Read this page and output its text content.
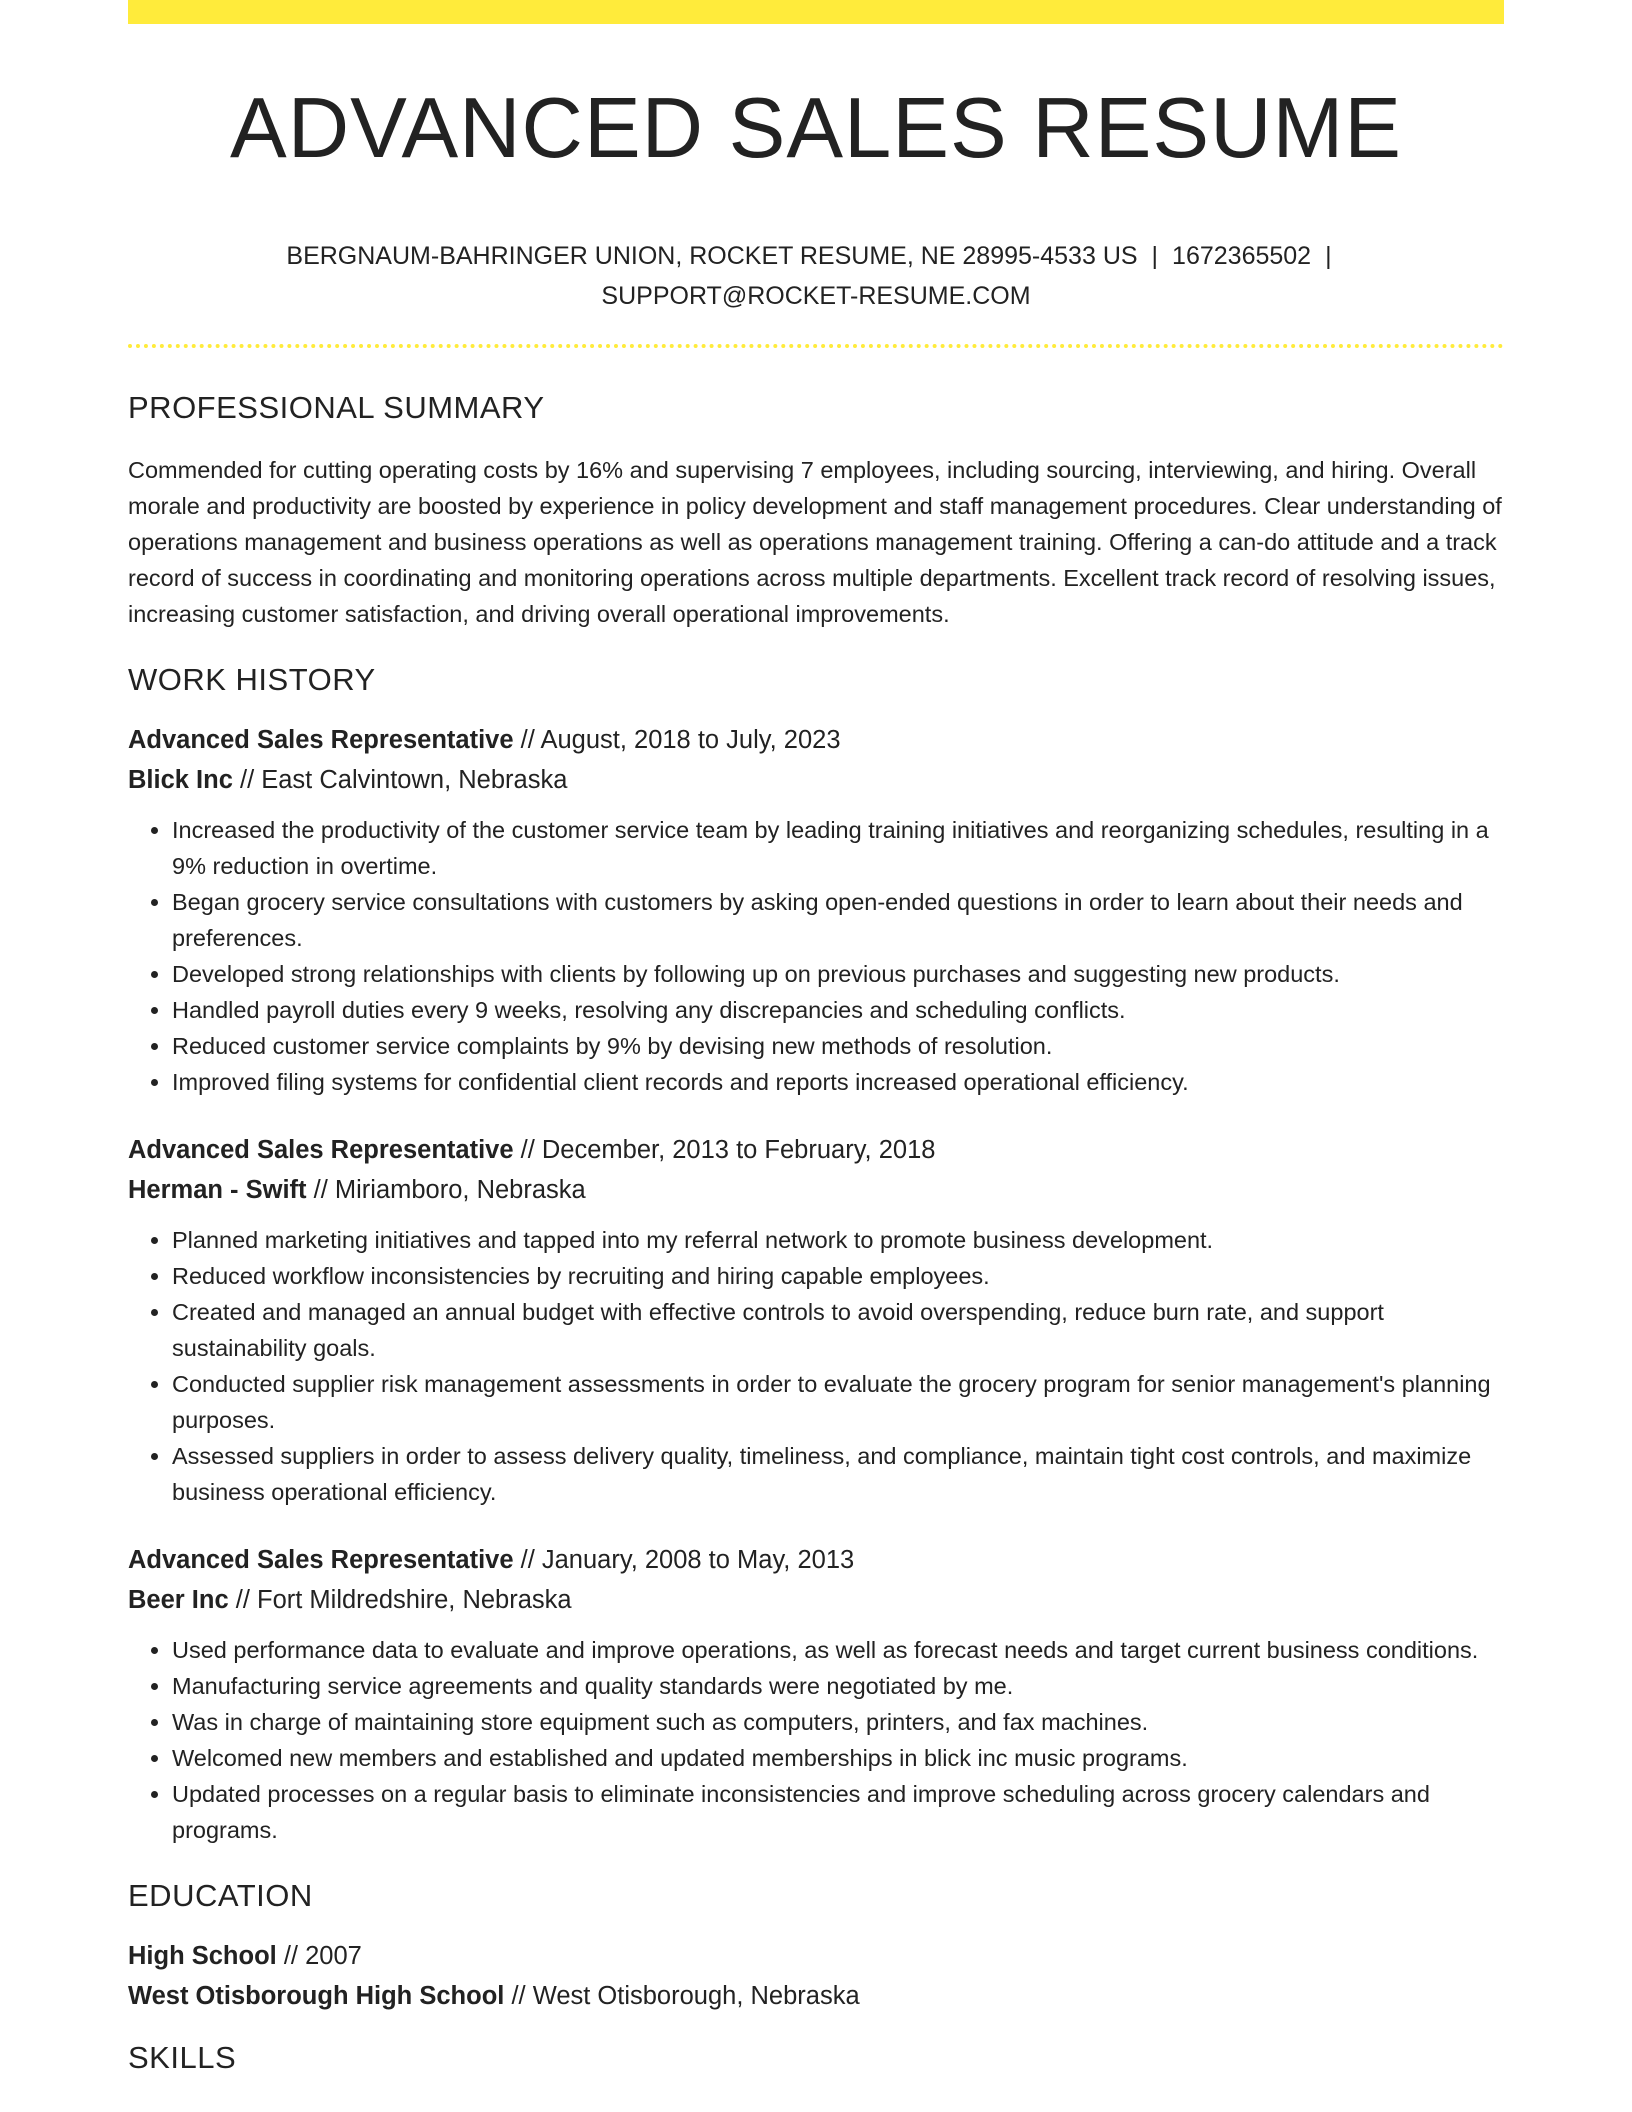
ADVANCED SALES RESUME
BERGNAUM-BAHRINGER UNION, ROCKET RESUME, NE 28995-4533 US | 1672365502 |
SUPPORT@ROCKET-RESUME.COM
PROFESSIONAL SUMMARY

Commended for cutting operating costs by 16% and supervising 7 employees, including sourcing, interviewing, and hiring. Overall morale and productivity are boosted by experience in policy development and staff management procedures. Clear understanding of operations management and business operations as well as operations management training. Offering a can-do attitude and a track record of success in coordinating and monitoring operations across multiple departments. Excellent track record of resolving issues, increasing customer satisfaction, and driving overall operational improvements.

WORK HISTORY
Advanced Sales Representative // August, 2018 to July, 2023
Blick Inc // East Calvintown, Nebraska
• Increased the productivity of the customer service team by leading training initiatives and reorganizing schedules, resulting in a 9% reduction in overtime.
• Began grocery service consultations with customers by asking open-ended questions in order to learn about their needs and preferences.
• Developed strong relationships with clients by following up on previous purchases and suggesting new products.
• Handled payroll duties every 9 weeks, resolving any discrepancies and scheduling conflicts.
• Reduced customer service complaints by 9% by devising new methods of resolution.
• Improved filing systems for confidential client records and reports increased operational efficiency.
Advanced Sales Representative // December, 2013 to February, 2018
Herman - Swift // Miriamboro, Nebraska
• Planned marketing initiatives and tapped into my referral network to promote business development.
• Reduced workflow inconsistencies by recruiting and hiring capable employees.
• Created and managed an annual budget with effective controls to avoid overspending, reduce burn rate, and support sustainability goals.
• Conducted supplier risk management assessments in order to evaluate the grocery program for senior management's planning purposes.
• Assessed suppliers in order to assess delivery quality, timeliness, and compliance, maintain tight cost controls, and maximize business operational efficiency.
Advanced Sales Representative // January, 2008 to May, 2013
Beer Inc // Fort Mildredshire, Nebraska
• Used performance data to evaluate and improve operations, as well as forecast needs and target current business conditions.
• Manufacturing service agreements and quality standards were negotiated by me.
• Was in charge of maintaining store equipment such as computers, printers, and fax machines.
• Welcomed new members and established and updated memberships in blick inc music programs.
• Updated processes on a regular basis to eliminate inconsistencies and improve scheduling across grocery calendars and programs.
EDUCATION
High School // 2007
West Otisborough High School // West Otisborough, Nebraska
SKILLS
